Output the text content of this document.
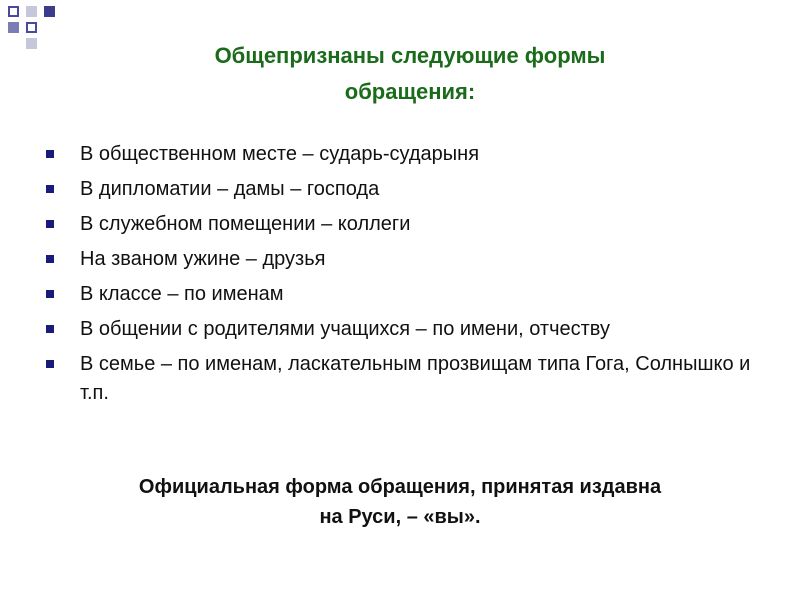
Общепризнаны следующие формы
обращения:
В общественном месте – сударь-сударыня
В дипломатии – дамы – господа
В служебном помещении – коллеги
На званом ужине – друзья
В классе – по именам
В общении с родителями учащихся – по имени, отчеству
В семье – по именам, ласкательным прозвищам типа Гога, Солнышко и т.п.
Официальная форма обращения, принятая издавна
на Руси, – «вы».
